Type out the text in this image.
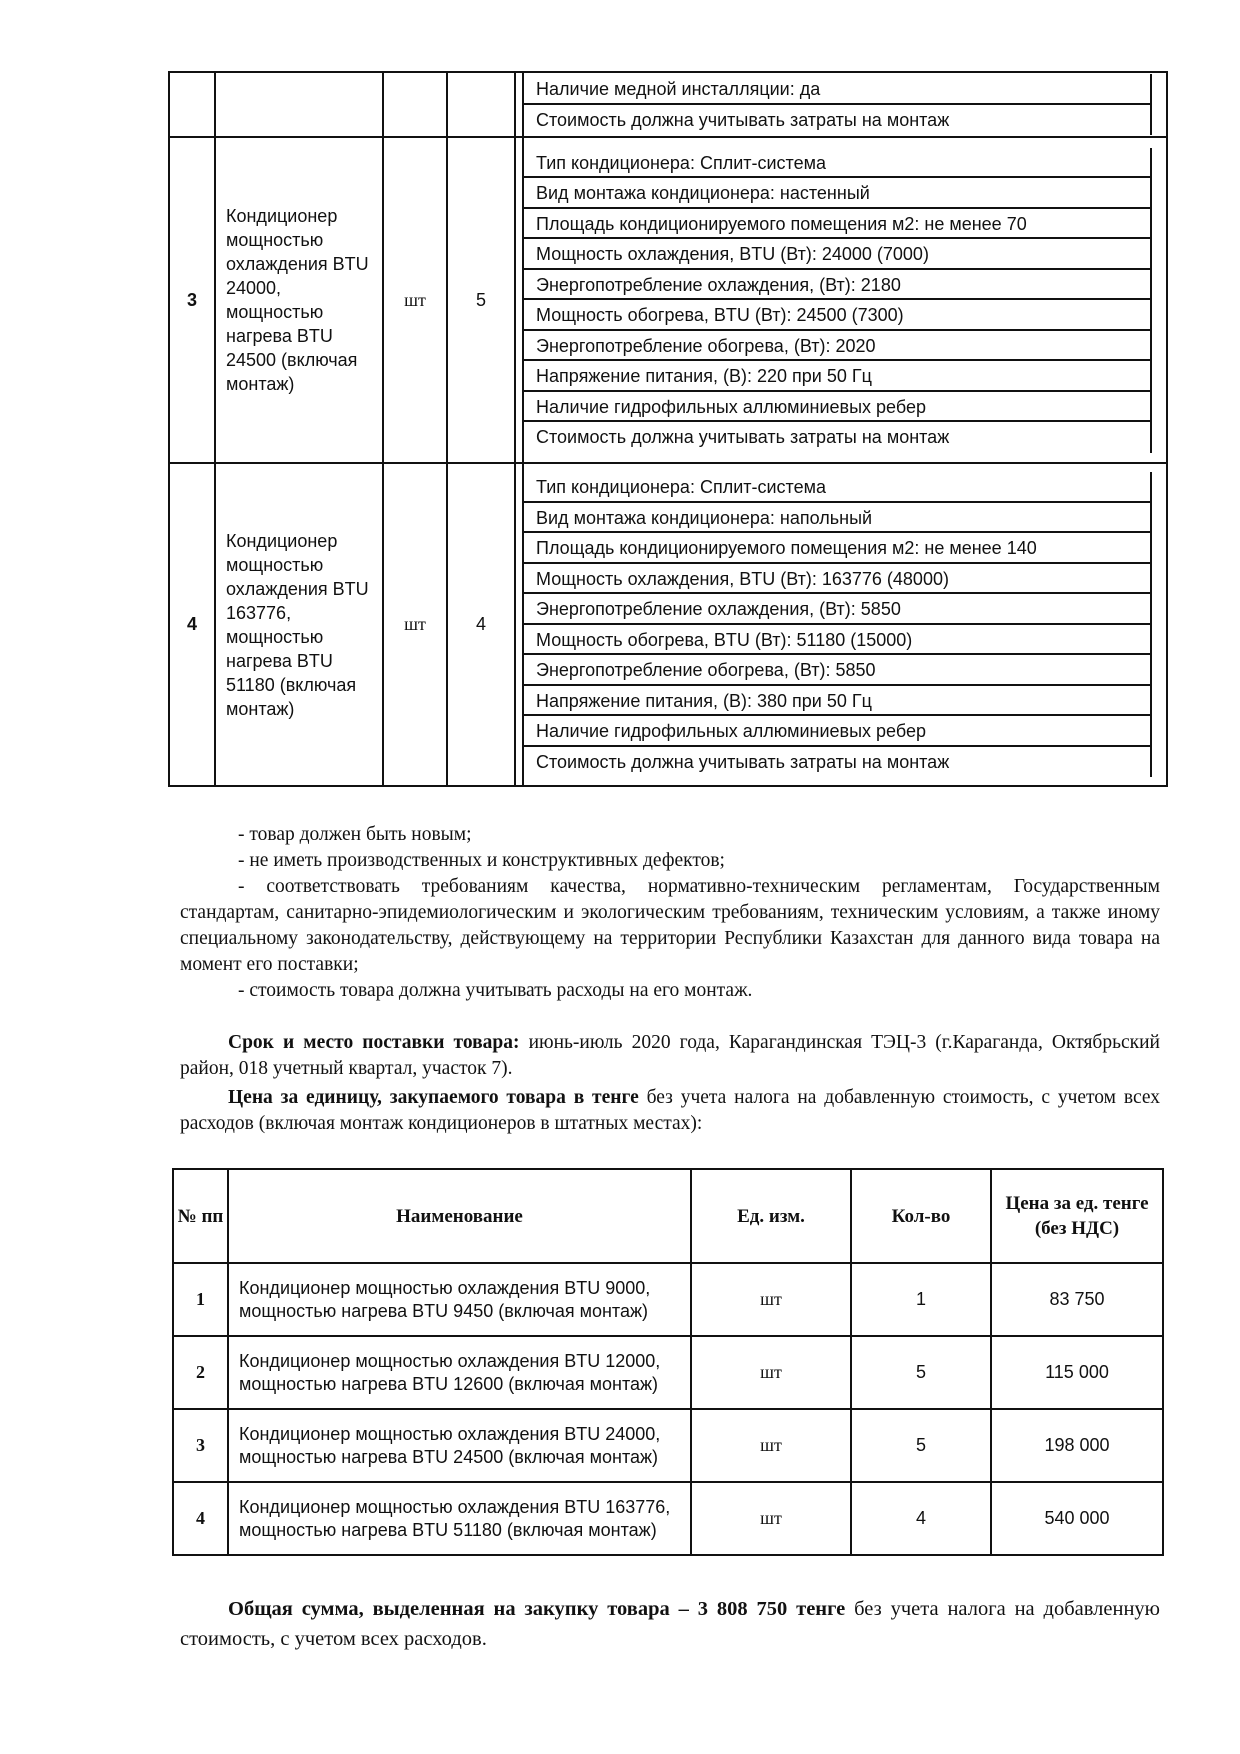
Наличие медной инсталляции: да
Стоимость должна учитывать затраты на монтаж

3	Кондиционер мощностью охлаждения BTU 24000, мощностью нагрева BTU 24500 (включая монтаж)	шт	5		
Тип кондиционера: Сплит-система
Вид монтажа кондиционера: настенный
Площадь кондиционируемого помещения м2: не менее 70
Мощность охлаждения, BTU (Вт): 24000 (7000)
Энергопотребление охлаждения, (Вт): 2180
Мощность обогрева, BTU (Вт): 24500 (7300)
Энергопотребление обогрева, (Вт): 2020
Напряжение питания, (В): 220 при 50 Гц
Наличие гидрофильных аллюминиевых ребер
Стоимость должна учитывать затраты на монтаж

4	Кондиционер мощностью охлаждения BTU 163776, мощностью нагрева BTU 51180 (включая монтаж)	шт	4		
Тип кондиционера: Сплит-система
Вид монтажа кондиционера: напольный
Площадь кондиционируемого помещения м2: не менее 140
Мощность охлаждения, BTU (Вт): 163776 (48000)
Энергопотребление охлаждения, (Вт): 5850
Мощность обогрева, BTU (Вт): 51180 (15000)
Энергопотребление обогрева, (Вт): 5850
Напряжение питания, (В): 380 при 50 Гц
Наличие гидрофильных аллюминиевых ребер
Стоимость должна учитывать затраты на монтаж
- товар должен быть новым;
- не иметь производственных и конструктивных дефектов;
- соответствовать требованиям качества, нормативно-техническим регламентам, Государственным стандартам, санитарно-эпидемиологическим и экологическим требованиям, техническим условиям, а также иному специальному законодательству, действующему на территории Республики Казахстан для данного вида товара на момент его поставки;
- стоимость товара должна учитывать расходы на его монтаж.
Срок и место поставки товара: июнь-июль 2020 года, Карагандинская ТЭЦ-3 (г.Караганда, Октябрьский район, 018 учетный квартал, участок 7).
Цена за единицу, закупаемого товара в тенге без учета налога на добавленную стоимость, с учетом всех расходов (включая монтаж кондиционеров в штатных местах):
№ пп	Наименование	Ед. изм.	Кол-во	Цена за ед. тенге (без НДС)
1	Кондиционер мощностью охлаждения BTU 9000, мощностью нагрева BTU 9450 (включая монтаж)	шт	1	83 750
2	Кондиционер мощностью охлаждения BTU 12000, мощностью нагрева BTU 12600 (включая монтаж)	шт	5	115 000
3	Кондиционер мощностью охлаждения BTU 24000, мощностью нагрева BTU 24500 (включая монтаж)	шт	5	198 000
4	Кондиционер мощностью охлаждения BTU 163776, мощностью нагрева BTU 51180 (включая монтаж)	шт	4	540 000
Общая сумма, выделенная на закупку товара – 3 808 750 тенге без учета налога на добавленную стоимость, с учетом всех расходов.
